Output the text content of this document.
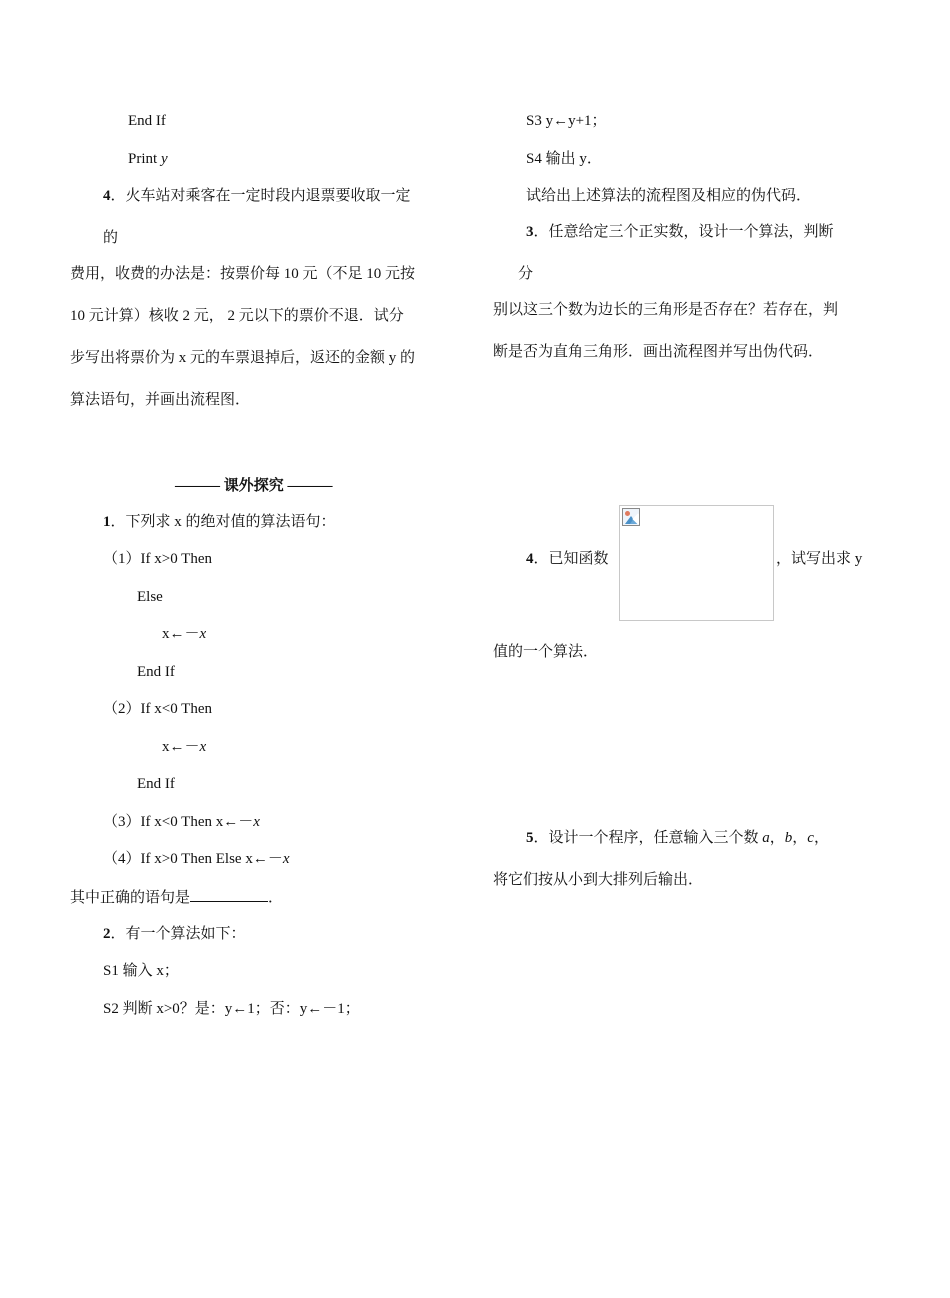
End If
Print y
4．火车站对乘客在一定时段内退票要收取一定
的
费用，收费的办法是：按票价每 10 元（不足 10 元按
10 元计算）核收 2 元， 2 元以下的票价不退．试分
步写出将票价为 x 元的车票退掉后，返还的金额 y 的
算法语句，并画出流程图．
——— 课外探究 ———
1．下列求 x 的绝对值的算法语句：
（1）If x>0 Then
Else
x←－x
End If
（2）If x<0 Then
x←－x
End If
（3）If x<0 Then x←－x
（4）If x>0 Then Else x←－x
其中正确的语句是	．
2．有一个算法如下：
S1 输入 x；
S2 判断 x>0？是：y←1；否：y←－1；
S3 y←y+1；
S4 输出 y．
试给出上述算法的流程图及相应的伪代码．
3．任意给定三个正实数，设计一个算法，判断
分
别以这三个数为边长的三角形是否存在？若存在，判
断是否为直角三角形．画出流程图并写出伪代码．
4．已知函数	，试写出求 y
值的一个算法．
5．设计一个程序，任意输入三个数 a，b，c，
将它们按从小到大排列后输出．
